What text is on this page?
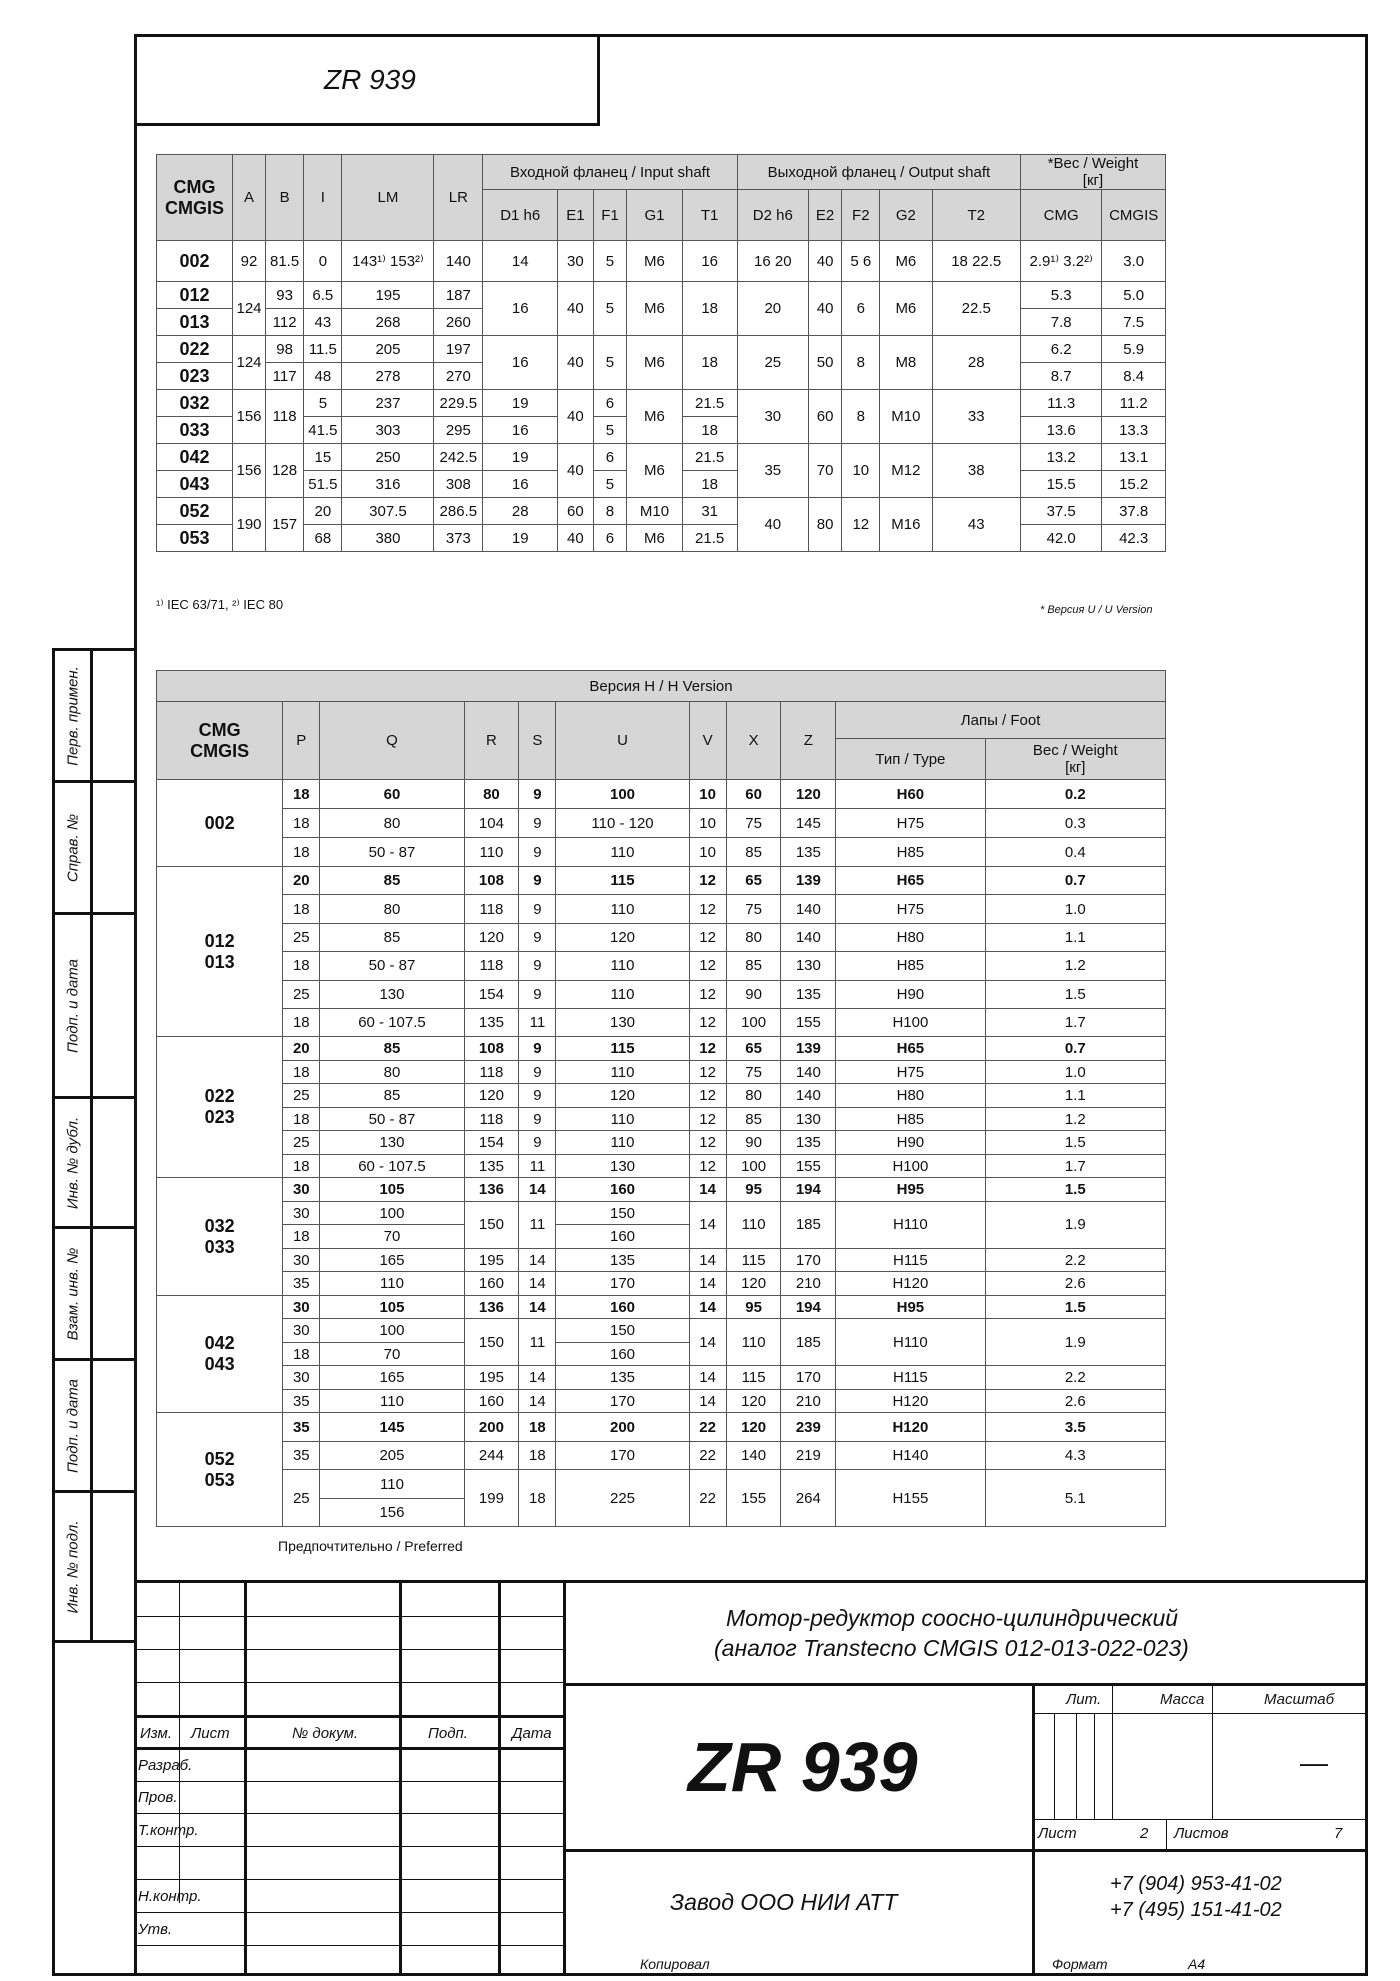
ZR 939
Перв. примен.
Справ. №
Подп. и дата
Инв. № дубл.
Взам. инв. №
Подп. и дата
Инв. № подл.
CMG
CMGIS	A	B	I	LM	LR	Входной фланец / Input shaft					Выходной фланец / Output shaft					*Вес / Weight
[кг]	
						D1 h6	E1	F1	G1	T1	D2 h6	E2	F2	G2	T2	CMG	CMGIS
002	92	81.5	0	143¹⁾ 153²⁾	140	14	30	5	M6	16	16 20	40	5 6	M6	18 22.5	2.9¹⁾ 3.2²⁾	3.0
012	124	93	6.5	195	187	16	40	5	M6	18	20	40	6	M6	22.5	5.3	5.0
013		112	43	268	260											7.8	7.5
022	124	98	11.5	205	197	16	40	5	M6	18	25	50	8	M8	28	6.2	5.9
023		117	48	278	270											8.7	8.4
032	156	118	5	237	229.5	19	40	6	M6	21.5	30	60	8	M10	33	11.3	11.2
033			41.5	303	295	16		5		18						13.6	13.3
042	156	128	15	250	242.5	19	40	6	M6	21.5	35	70	10	M12	38	13.2	13.1
043			51.5	316	308	16		5		18						15.5	15.2
052	190	157	20	307.5	286.5	28	60	8	M10	31	40	80	12	M16	43	37.5	37.8
053			68	380	373	19	40	6	M6	21.5						42.0	42.3
¹⁾ IEC 63/71, ²⁾ IEC 80	* Версия U / U Version
Версия H / H Version										
CMG
CMGIS	P	Q	R	S	U	V	X	Z	Лапы / Foot	
									Тип / Type	Вес / Weight
[кг]
002	18	60	80	9	100	10	60	120	H60	0.2
	18	80	104	9	110 - 120	10	75	145	H75	0.3
	18	50 - 87	110	9	110	10	85	135	H85	0.4
012
013	20	85	108	9	115	12	65	139	H65	0.7
	18	80	118	9	110	12	75	140	H75	1.0
	25	85	120	9	120	12	80	140	H80	1.1
	18	50 - 87	118	9	110	12	85	130	H85	1.2
	25	130	154	9	110	12	90	135	H90	1.5
	18	60 - 107.5	135	11	130	12	100	155	H100	1.7
022
023	20	85	108	9	115	12	65	139	H65	0.7
	18	80	118	9	110	12	75	140	H75	1.0
	25	85	120	9	120	12	80	140	H80	1.1
	18	50 - 87	118	9	110	12	85	130	H85	1.2
	25	130	154	9	110	12	90	135	H90	1.5
	18	60 - 107.5	135	11	130	12	100	155	H100	1.7
032
033	30	105	136	14	160	14	95	194	H95	1.5
	30	100	150	11	150	14	110	185	H110	1.9
	18	70			160					
	30	165	195	14	135	14	115	170	H115	2.2
	35	110	160	14	170	14	120	210	H120	2.6
042
043	30	105	136	14	160	14	95	194	H95	1.5
	30	100	150	11	150	14	110	185	H110	1.9
	18	70			160					
	30	165	195	14	135	14	115	170	H115	2.2
	35	110	160	14	170	14	120	210	H120	2.6
052
053	35	145	200	18	200	22	120	239	H120	3.5
	35	205	244	18	170	22	140	219	H140	4.3
	25	110	199	18	225	22	155	264	H155	5.1
		156								
Предпочтительно / Preferred
Мотор-редуктор соосно-цилиндрический
(аналог Transtecno CMGIS 012-013-022-023)
ZR 939
Изм. Лист	№ докум.	Подп.	Дата
Разраб.
Пров.
Т.контр.
Н.контр.
Утв.
Лит.	Масса	Масштаб
—
Лист	2 Листов	7
Завод ООО НИИ АТТ
+7 (904) 953-41-02
+7 (495) 151-41-02
Копировал	Формат	A4
